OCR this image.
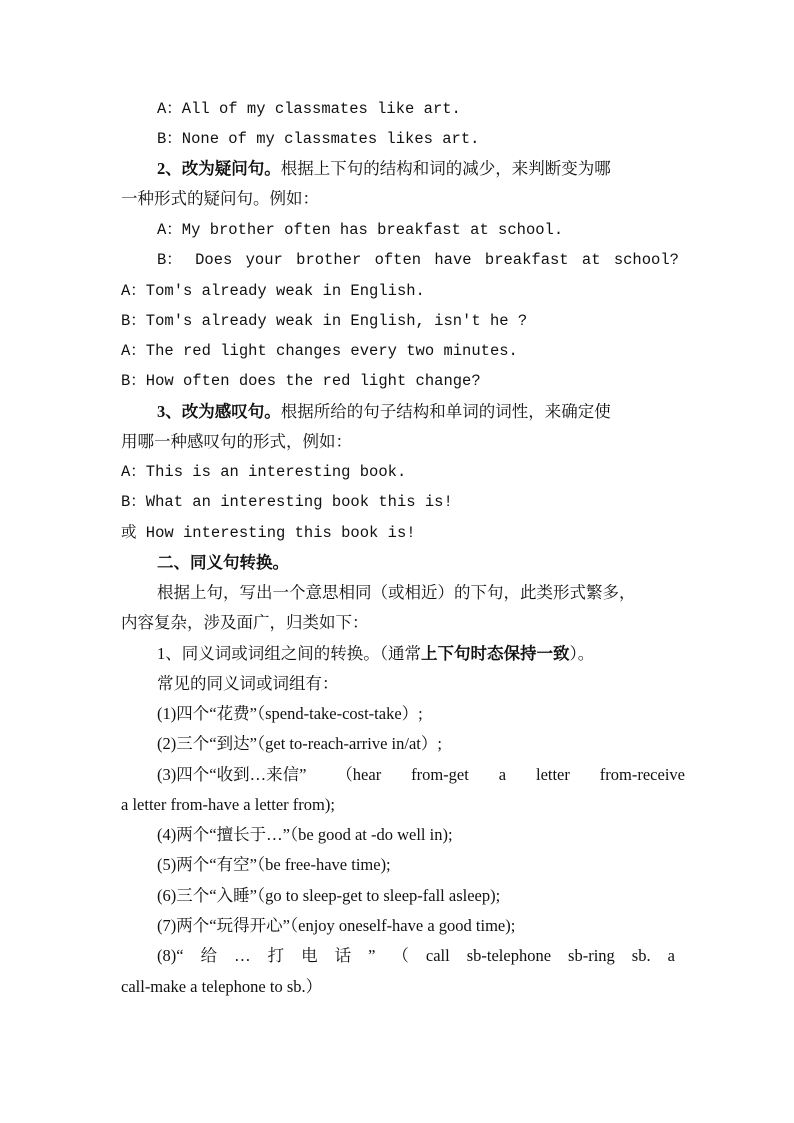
A：All of my classmates like art.
B：None of my classmates likes art.
2、改为疑问句。根据上下句的结构和词的减少，来判断变为哪
一种形式的疑问句。例如：
A：My brother often has breakfast at school.
B： Does your brother often have breakfast at school?
A：Tom's already weak in English.
B：Tom's already weak in English, isn't he ?
A：The red light changes every two minutes.
B：How often does the red light change?
3、改为感叹句。根据所给的句子结构和单词的词性，来确定使
用哪一种感叹句的形式，例如：
A：This is an interesting book.
B：What an interesting book this is!
或 How interesting this book is!
二、同义句转换。
根据上句，写出一个意思相同（或相近）的下句，此类形式繁多，
内容复杂，涉及面广，归类如下：
1、同义词或词组之间的转换。（通常上下句时态保持一致）。
常见的同义词或词组有：
(1)四个“花费”（spend-take-cost-take）;
(2)三个“到达”（get to-reach-arrive in/at）;
(3)四个“收到…来信” （hear from-get a letter from-receive
a letter from-have a letter from);
(4)两个“擅长于…”（be good at -do well in);
(5)两个“有空”（be free-have time);
(6)三个“入睡”（go to sleep-get to sleep-fall asleep);
(7)两个“玩得开心”（enjoy oneself-have a good time);
(8)“ 给 … 打 电 话 ” （ call sb-telephone sb-ring sb. a
call-make a telephone to sb.）
